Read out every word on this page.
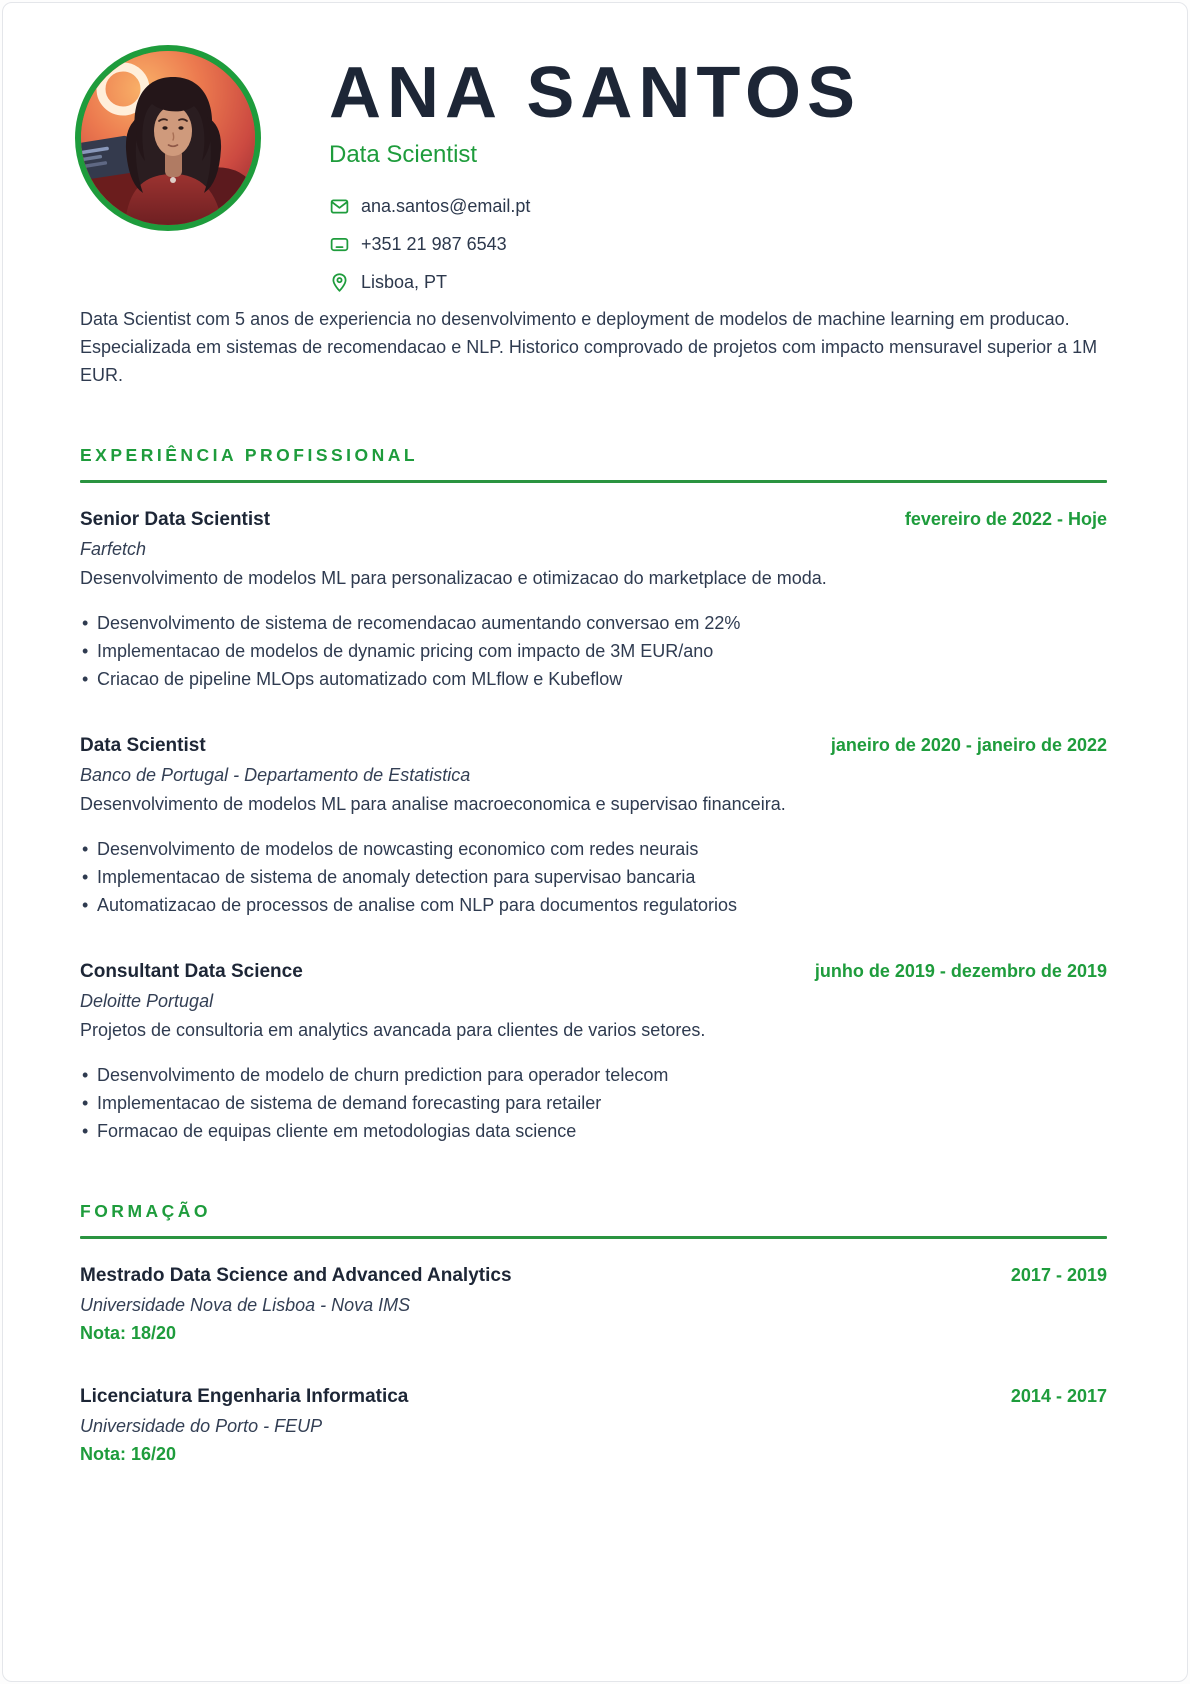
ANA SANTOS
Data Scientist
ana.santos@email.pt
+351 21 987 6543
Lisboa, PT

Data Scientist com 5 anos de experiencia no desenvolvimento e deployment de modelos de machine learning em producao. Especializada em sistemas de recomendacao e NLP. Historico comprovado de projetos com impacto mensuravel superior a 1M EUR.

EXPERIÊNCIA PROFISSIONAL
Senior Data Scientist	fevereiro de 2022 - Hoje
Farfetch

Desenvolvimento de modelos ML para personalizacao e otimizacao do marketplace de moda.

• Desenvolvimento de sistema de recomendacao aumentando conversao em 22%
• Implementacao de modelos de dynamic pricing com impacto de 3M EUR/ano
• Criacao de pipeline MLOps automatizado com MLflow e Kubeflow
Data Scientist	janeiro de 2020 - janeiro de 2022
Banco de Portugal - Departamento de Estatistica

Desenvolvimento de modelos ML para analise macroeconomica e supervisao financeira.

• Desenvolvimento de modelos de nowcasting economico com redes neurais
• Implementacao de sistema de anomaly detection para supervisao bancaria
• Automatizacao de processos de analise com NLP para documentos regulatorios
Consultant Data Science	junho de 2019 - dezembro de 2019
Deloitte Portugal

Projetos de consultoria em analytics avancada para clientes de varios setores.

• Desenvolvimento de modelo de churn prediction para operador telecom
• Implementacao de sistema de demand forecasting para retailer
• Formacao de equipas cliente em metodologias data science
FORMAÇÃO
Mestrado Data Science and Advanced Analytics	2017 - 2019
Universidade Nova de Lisboa - Nova IMS
Nota: 18/20
Licenciatura Engenharia Informatica	2014 - 2017
Universidade do Porto - FEUP
Nota: 16/20
